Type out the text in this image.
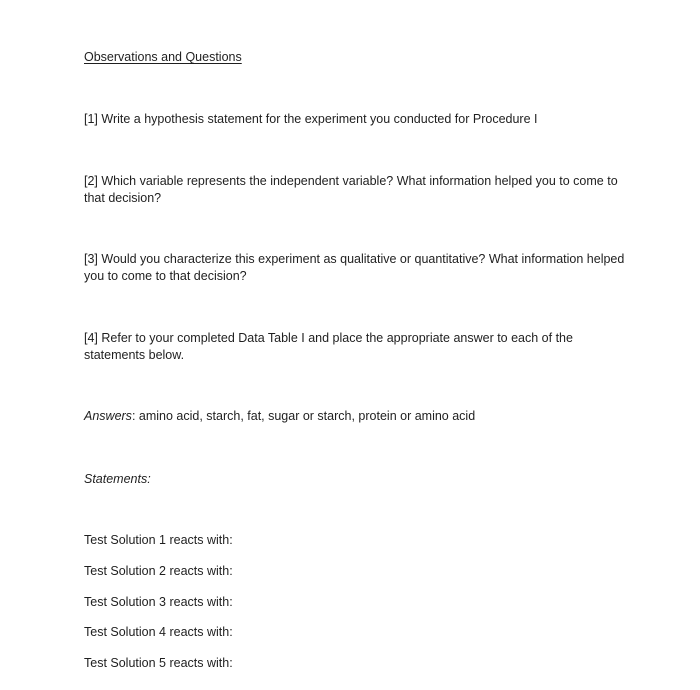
Observations and Questions
[1] Write a hypothesis statement for the experiment you conducted for Procedure I
[2] Which variable represents the independent variable? What information helped you to come to that decision?
[3] Would you characterize this experiment as qualitative or quantitative? What information helped you to come to that decision?
[4] Refer to your completed Data Table I and place the appropriate answer to each of the statements below.
Answers: amino acid, starch, fat, sugar or starch, protein or amino acid
Statements:
Test Solution 1 reacts with:
Test Solution 2 reacts with:
Test Solution 3 reacts with:
Test Solution 4 reacts with:
Test Solution 5 reacts with:
